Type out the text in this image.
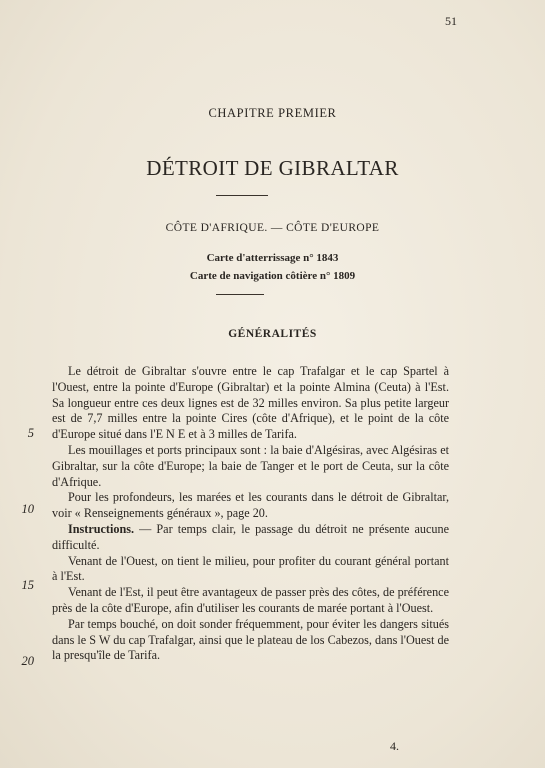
51
CHAPITRE PREMIER
DÉTROIT DE GIBRALTAR
CÔTE D'AFRIQUE. — CÔTE D'EUROPE
Carte d'atterrissage n° 1843
Carte de navigation côtière n° 1809
GÉNÉRALITÉS
5
10
15
20

Le détroit de Gibraltar s'ouvre entre le cap Trafalgar et le cap Spartel à l'Ouest, entre la pointe d'Europe (Gibraltar) et la pointe Almina (Ceuta) à l'Est. Sa longueur entre ces deux lignes est de 32 milles environ. Sa plus petite largeur est de 7,7 milles entre la pointe Cires (côte d'Afrique), et le point de la côte d'Europe situé dans l'E N E et à 3 milles de Tarifa.

Les mouillages et ports principaux sont : la baie d'Algésiras, avec Algésiras et Gibraltar, sur la côte d'Europe; la baie de Tanger et le port de Ceuta, sur la côte d'Afrique.

Pour les profondeurs, les marées et les courants dans le détroit de Gibraltar, voir « Renseignements généraux », page 20.

Instructions. — Par temps clair, le passage du détroit ne présente aucune difficulté.

Venant de l'Ouest, on tient le milieu, pour profiter du courant général portant à l'Est.

Venant de l'Est, il peut être avantageux de passer près des côtes, de préférence près de la côte d'Europe, afin d'utiliser les courants de marée portant à l'Ouest.

Par temps bouché, on doit sonder fréquemment, pour éviter les dangers situés dans le S W du cap Trafalgar, ainsi que le plateau de los Cabezos, dans l'Ouest de la presqu'île de Tarifa.

4.
